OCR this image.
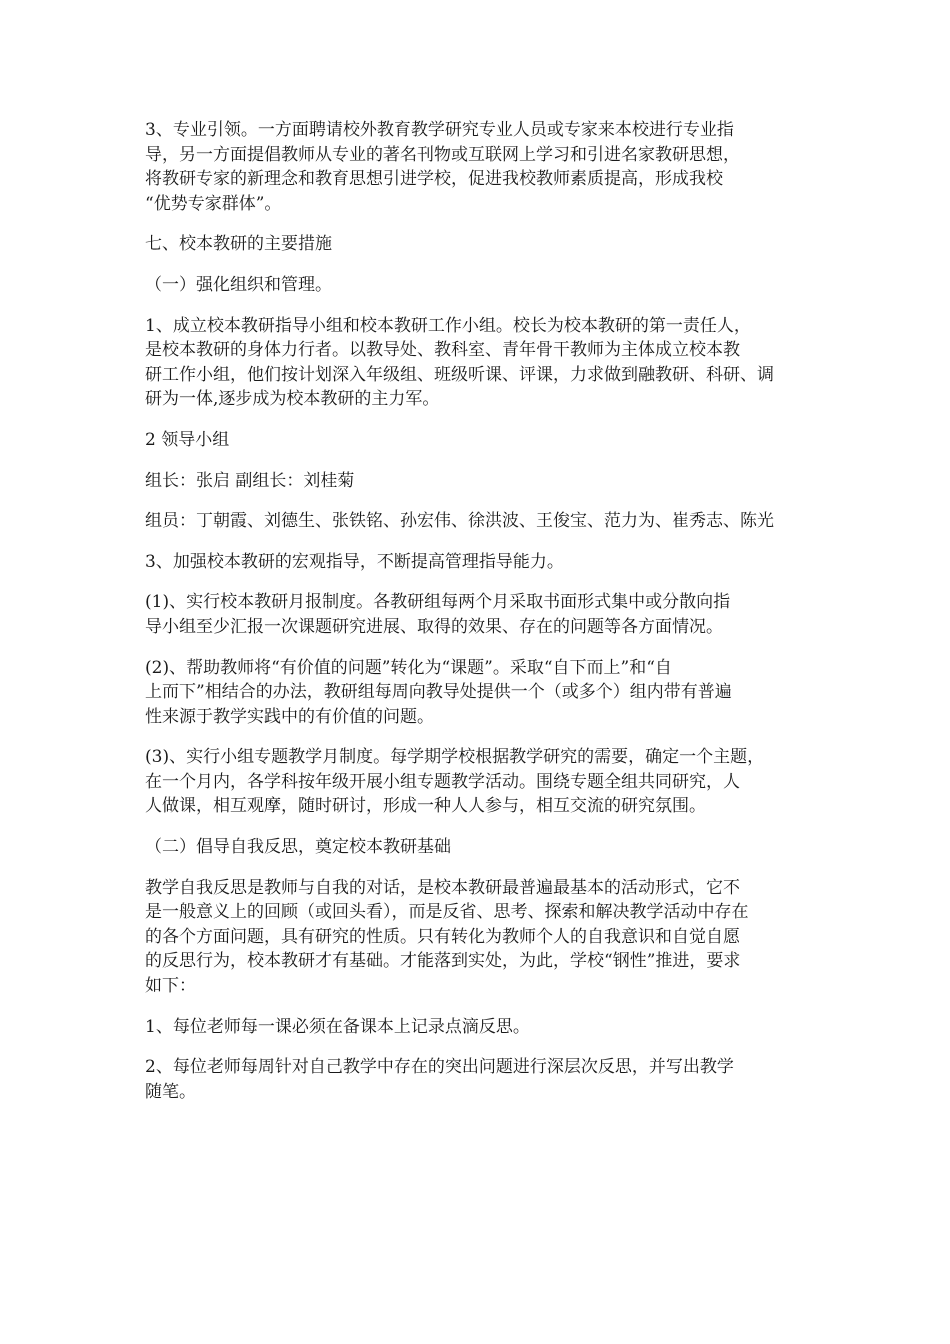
3、专业引领。一方面聘请校外教育教学研究专业人员或专家来本校进行专业指
导，另一方面提倡教师从专业的著名刊物或互联网上学习和引进名家教研思想，
将教研专家的新理念和教育思想引进学校，促进我校教师素质提高，形成我校
“优势专家群体”。
七、校本教研的主要措施
（一）强化组织和管理。
1、成立校本教研指导小组和校本教研工作小组。校长为校本教研的第一责任人，
是校本教研的身体力行者。以教导处、教科室、青年骨干教师为主体成立校本教
研工作小组，他们按计划深入年级组、班级听课、评课，力求做到融教研、科研、调
研为一体,逐步成为校本教研的主力军。
2 领导小组
组长：张启 副组长：刘桂菊
组员：丁朝霞、刘德生、张铁铭、孙宏伟、徐洪波、王俊宝、范力为、崔秀志、陈光
3、加强校本教研的宏观指导，不断提高管理指导能力。
(1)、实行校本教研月报制度。各教研组每两个月采取书面形式集中或分散向指
导小组至少汇报一次课题研究进展、取得的效果、存在的问题等各方面情况。
(2)、帮助教师将“有价值的问题”转化为“课题”。采取“自下而上”和“自
上而下”相结合的办法，教研组每周向教导处提供一个（或多个）组内带有普遍
性来源于教学实践中的有价值的问题。
(3)、实行小组专题教学月制度。每学期学校根据教学研究的需要，确定一个主题，
在一个月内，各学科按年级开展小组专题教学活动。围绕专题全组共同研究，人
人做课，相互观摩，随时研讨，形成一种人人参与，相互交流的研究氛围。
（二）倡导自我反思，奠定校本教研基础
教学自我反思是教师与自我的对话，是校本教研最普遍最基本的活动形式，它不
是一般意义上的回顾（或回头看），而是反省、思考、探索和解决教学活动中存在
的各个方面问题，具有研究的性质。只有转化为教师个人的自我意识和自觉自愿
的反思行为，校本教研才有基础。才能落到实处，为此，学校“钢性”推进，要求
如下：
1、每位老师每一课必须在备课本上记录点滴反思。
2、每位老师每周针对自己教学中存在的突出问题进行深层次反思，并写出教学
随笔。
